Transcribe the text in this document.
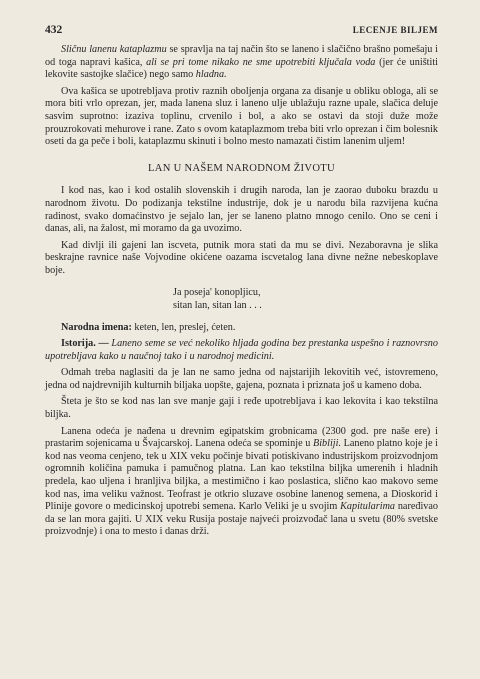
432	LECENJE BILJEM

Sličnu lanenu kataplazmu se spravlja na taj način što se laneno i slačično brašno pomešaju i od toga napravi kašica, ali se pri tome nikako ne sme upotrebiti ključala voda (jer će uništiti lekovite sastojke slačice) nego samo hladna.

Ova kašica se upotrebljava protiv raznih oboljenja organa za disanje u obliku obloga, ali se mora biti vrlo oprezan, jer, mada lanena sluz i laneno ulje ublažuju razne upale, slačica deluje sasvim suprotno: izaziva toplinu, crvenilo i bol, a ako se ostavi da stoji duže može prouzrokovati mehurove i rane. Zato s ovom kataplazmom treba biti vrlo oprezan i čim bolesnik oseti da ga peče i boli, kataplazmu skinuti i bolno mesto namazati čistim lanenim uljem!

LAN U NAŠEM NARODNOM ŽIVOTU

I kod nas, kao i kod ostalih slovenskih i drugih naroda, lan je zaorao duboku brazdu u narodnom životu. Do podizanja tekstilne industrije, dok je u narodu bila razvijena kućna radinost, svako domaćinstvo je sejalo lan, jer se laneno platno mnogo cenilo. Ono se ceni i danas, ali, na žalost, mi moramo da ga uvozimo.

Kad divlji ili gajeni lan iscveta, putnik mora stati da mu se divi. Nezaboravna je slika beskrajne ravnice naše Vojvodine okićene oazama iscvetalog lana divne nežne nebeskoplave boje.

Ja poseja' konopljicu,
sitan lan, sitan lan . . .

Narodna imena: keten, len, preslej, ćeten.

Istorija. — Laneno seme se već nekoliko hljada godina bez prestanka uspešno i raznovrsno upotrebljava kako u naučnoj tako i u narodnoj medicini.

Odmah treba naglasiti da je lan ne samo jedna od najstarijih lekovitih već, istovremeno, jedna od najdrevnijih kulturnih biljaka uopšte, gajena, poznata i priznata još u kameno doba.

Šteta je što se kod nas lan sve manje gaji i ređe upotrebljava i kao lekovita i kao tekstilna biljka.

Lanena odeća je nađena u drevnim egipatskim grobnicama (2300 god. pre naše ere) i prastarim sojenicama u Švajcarskoj. Lanena odeća se spominje u Bibliji. Laneno platno koje je i kod nas veoma cenjeno, tek u XIX veku počinje bivati potiskivano industrijskom proizvodnjom ogromnih količina pamuka i pamučnog platna. Lan kao tekstilna biljka umerenih i hladnih predela, kao uljena i hranljiva biljka, a mestimično i kao poslastica, slično kao makovo seme kod nas, ima veliku važnost. Teofrast je otkrio sluzave osobine lanenog semena, a Dioskorid i Plinije govore o medicinskoj upotrebi semena. Karlo Veliki je u svojim Kapitularima naređivao da se lan mora gajiti. U XIX veku Rusija postaje najveći proizvođač lana u svetu (80% svetske proizvodnje) i ona to mesto i danas drži.
